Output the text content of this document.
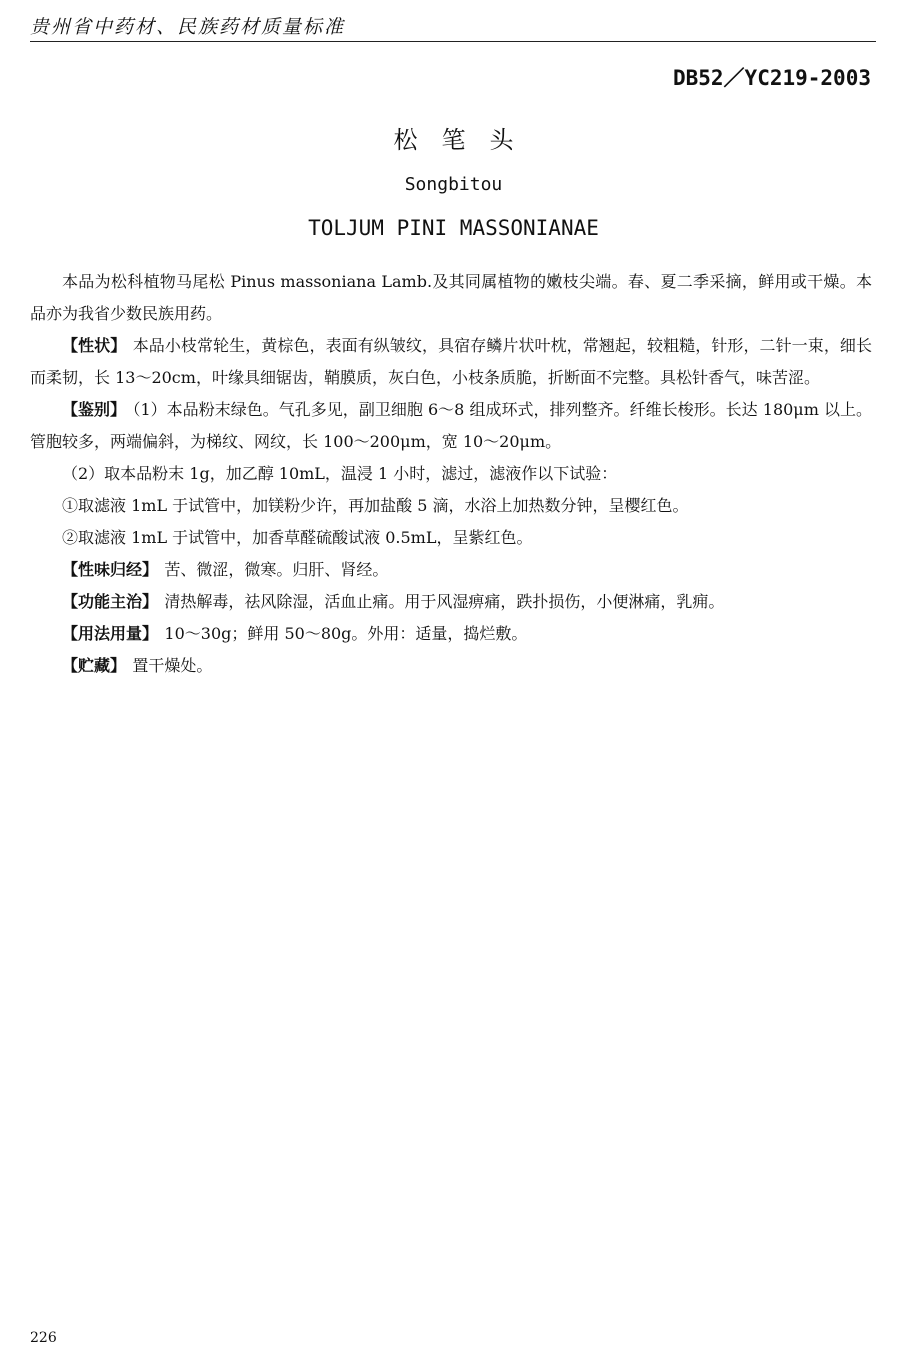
贵州省中药材、民族药材质量标准
DB52／YC219-2003
松笔头
Songbitou
TOLJUM PINI MASSONIANAE

本品为松科植物马尾松 Pinus massoniana Lamb.及其同属植物的嫩枝尖端。春、夏二季采摘，鲜用或干燥。本品亦为我省少数民族用药。

【性状】 本品小枝常轮生，黄棕色，表面有纵皱纹，具宿存鳞片状叶枕，常翘起，较粗糙，针形，二针一束，细长而柔韧，长 13～20cm，叶缘具细锯齿，鞘膜质，灰白色，小枝条质脆，折断面不完整。具松针香气，味苦涩。

【鉴别】 （1）本品粉末绿色。气孔多见，副卫细胞 6～8 组成环式，排列整齐。纤维长梭形。长达 180μm 以上。管胞较多，两端偏斜，为梯纹、网纹，长 100～200μm，宽 10～20μm。

（2）取本品粉末 1g，加乙醇 10mL，温浸 1 小时，滤过，滤液作以下试验：

①取滤液 1mL 于试管中，加镁粉少许，再加盐酸 5 滴，水浴上加热数分钟，呈樱红色。

②取滤液 1mL 于试管中，加香草醛硫酸试液 0.5mL，呈紫红色。

【性味归经】 苦、微涩，微寒。归肝、肾经。

【功能主治】 清热解毒，祛风除湿，活血止痛。用于风湿痹痛，跌扑损伤，小便淋痛，乳痈。

【用法用量】 10～30g；鲜用 50～80g。外用：适量，捣烂敷。

【贮藏】 置干燥处。

226
